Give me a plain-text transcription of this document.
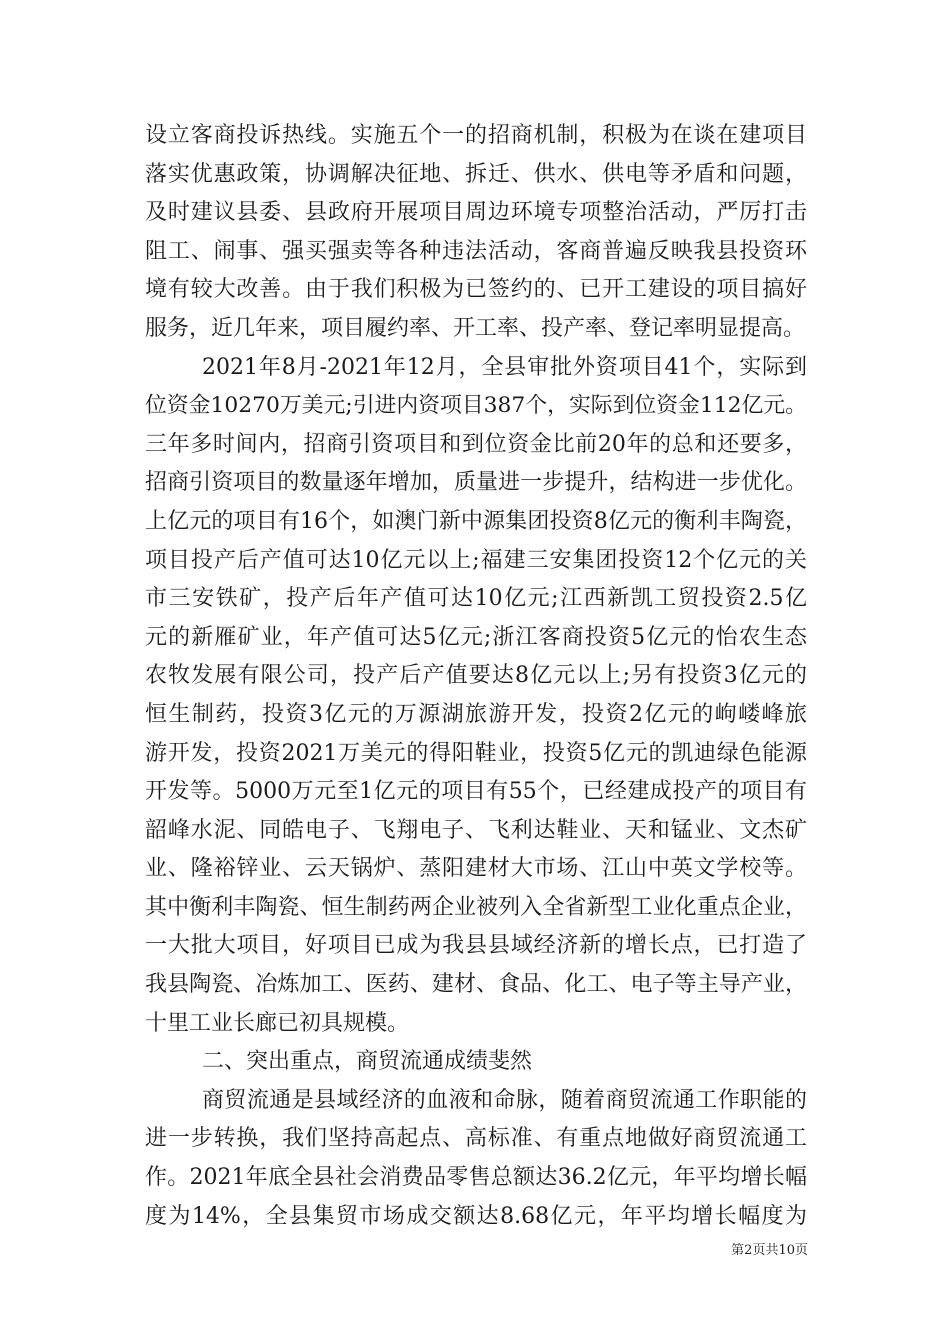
设立客商投诉热线。实施五个一的招商机制，积极为在谈在建项目
落实优惠政策，协调解决征地、拆迁、供水、供电等矛盾和问题，
及时建议县委、县政府开展项目周边环境专项整治活动，严厉打击
阻工、闹事、强买强卖等各种违法活动，客商普遍反映我县投资环
境有较大改善。由于我们积极为已签约的、已开工建设的项目搞好
服务，近几年来，项目履约率、开工率、投产率、登记率明显提高。
2021年8月-2021年12月，全县审批外资项目41个，实际到
位资金10270万美元;引进内资项目387个，实际到位资金112亿元。
三年多时间内，招商引资项目和到位资金比前20年的总和还要多，
招商引资项目的数量逐年增加，质量进一步提升，结构进一步优化。
上亿元的项目有16个，如澳门新中源集团投资8亿元的衡利丰陶瓷，
项目投产后产值可达10亿元以上;福建三安集团投资12个亿元的关
市三安铁矿，投产后年产值可达10亿元;江西新凯工贸投资2.5亿
元的新雁矿业，年产值可达5亿元;浙江客商投资5亿元的怡农生态
农牧发展有限公司，投产后产值要达8亿元以上;另有投资3亿元的
恒生制药，投资3亿元的万源湖旅游开发，投资2亿元的岣嵝峰旅
游开发，投资2021万美元的得阳鞋业，投资5亿元的凯迪绿色能源
开发等。5000万元至1亿元的项目有55个，已经建成投产的项目有
韶峰水泥、同皓电子、飞翔电子、飞利达鞋业、天和锰业、文杰矿
业、隆裕锌业、云天锅炉、蒸阳建材大市场、江山中英文学校等。
其中衡利丰陶瓷、恒生制药两企业被列入全省新型工业化重点企业，
一大批大项目，好项目已成为我县县域经济新的增长点，已打造了
我县陶瓷、冶炼加工、医药、建材、食品、化工、电子等主导产业，
十里工业长廊已初具规模。
二、突出重点，商贸流通成绩斐然
商贸流通是县域经济的血液和命脉，随着商贸流通工作职能的
进一步转换，我们坚持高起点、高标准、有重点地做好商贸流通工
作。2021年底全县社会消费品零售总额达36.2亿元，年平均增长幅
度为14%，全县集贸市场成交额达8.68亿元，年平均增长幅度为
第2页共10页
